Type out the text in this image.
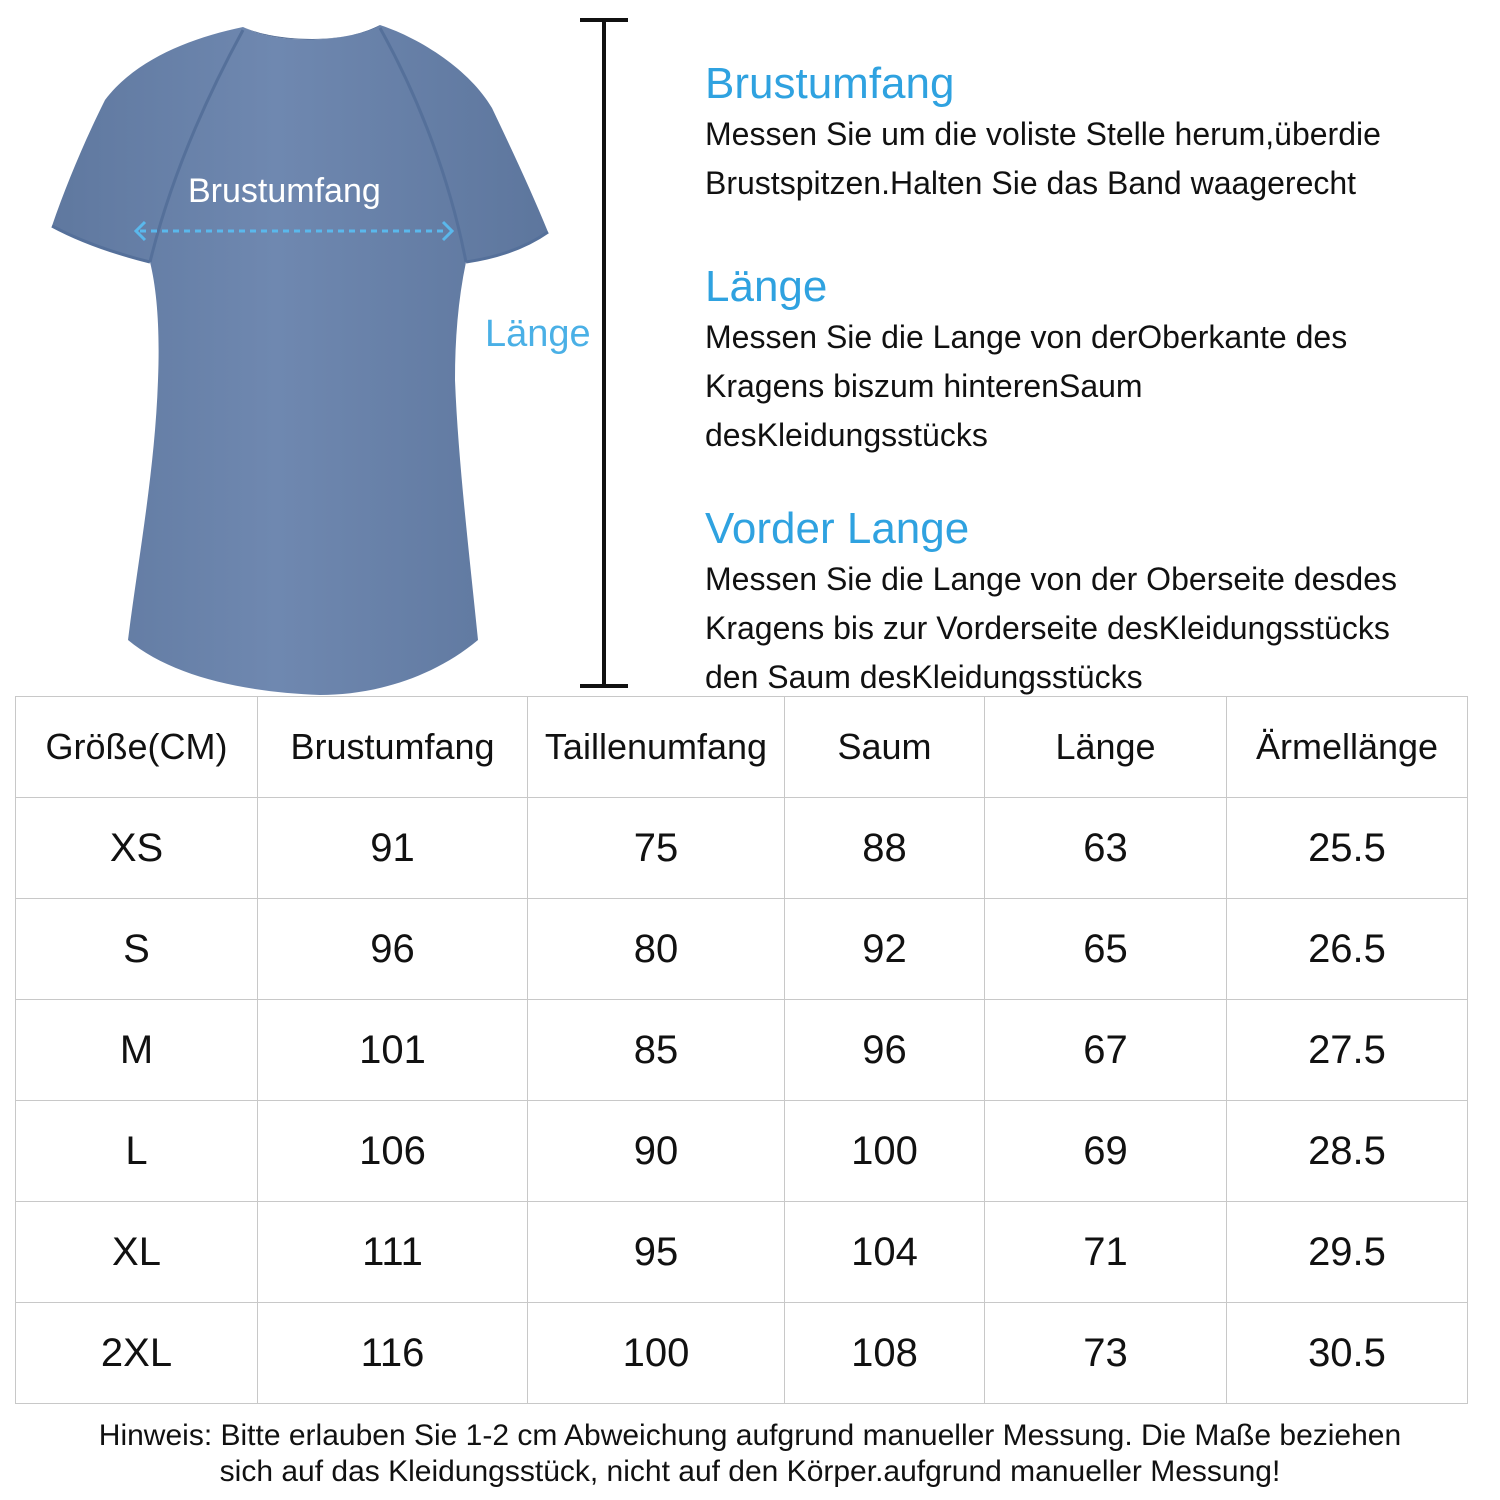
Brustumfang
Länge
Brustumfang

Messen Sie um die voliste Stelle herum,überdie
Brustspitzen.Halten Sie das Band waagerecht

Länge

Messen Sie die Lange von derOberkante des
Kragens biszum hinterenSaum
desKleidungsstücks

Vorder Lange

Messen Sie die Lange von der Oberseite desdes
Kragens bis zur Vorderseite desKleidungsstücks
den Saum desKleidungsstücks

Größe(CM)	Brustumfang	Taillenumfang	Saum	Länge	Ärmellänge
XS	91	75	88	63	25.5
S	96	80	92	65	26.5
M	101	85	96	67	27.5
L	106	90	100	69	28.5
XL	111	95	104	71	29.5
2XL	116	100	108	73	30.5
Hinweis: Bitte erlauben Sie 1-2 cm Abweichung aufgrund manueller Messung. Die Maße beziehen
sich auf das Kleidungsstück, nicht auf den Körper.aufgrund manueller Messung!
